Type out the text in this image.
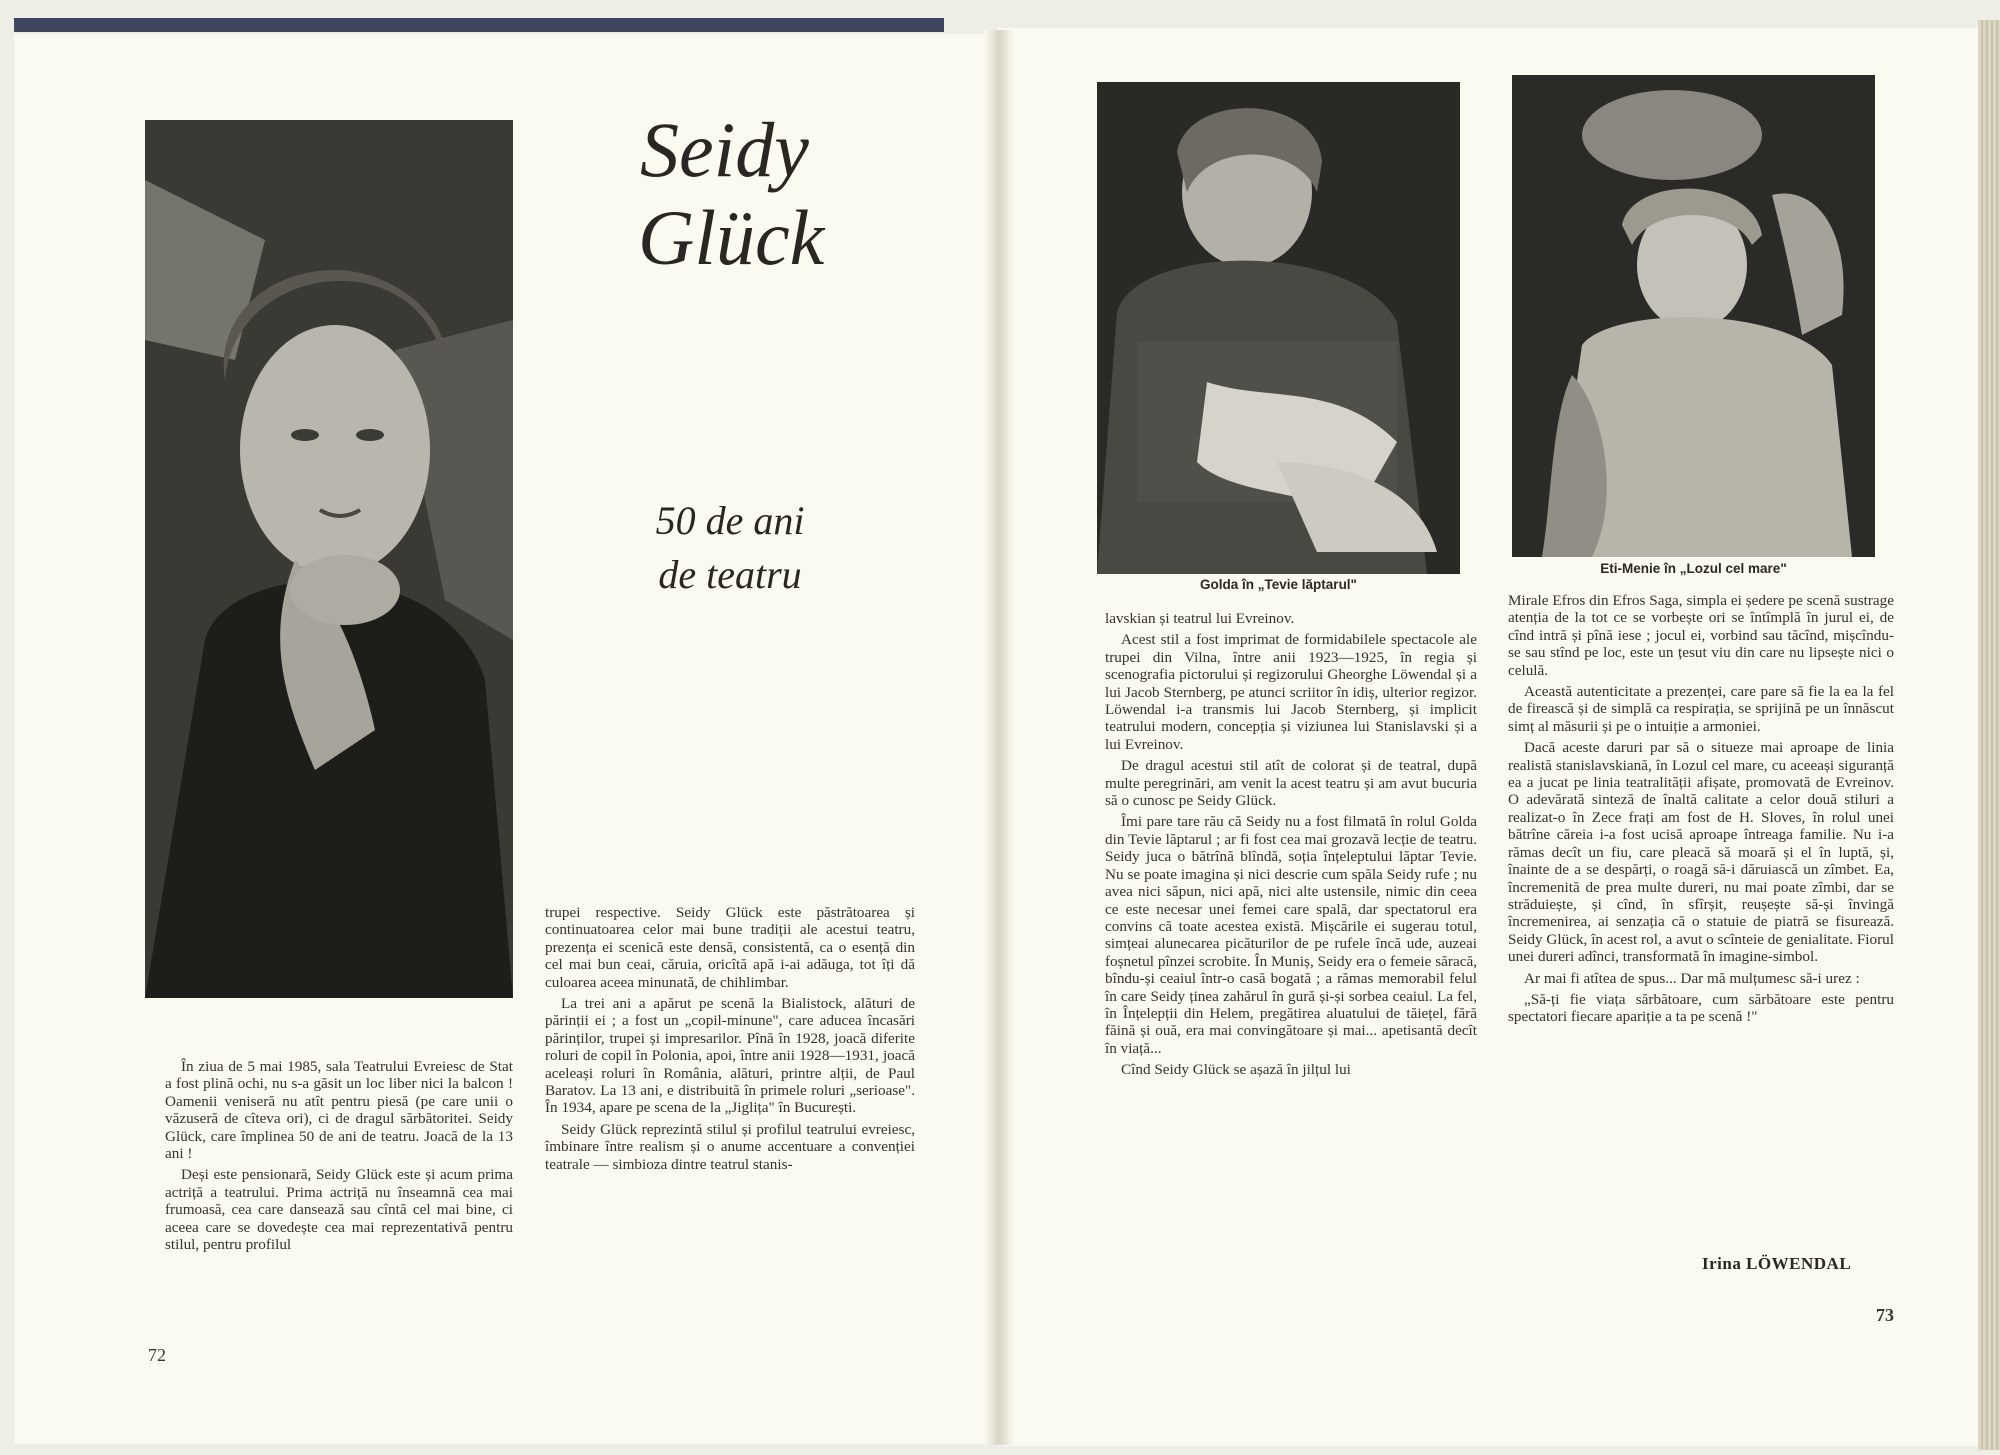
Seidy
Glück
50 de ani
de teatru

În ziua de 5 mai 1985, sala Teatrului Evreiesc de Stat a fost plină ochi, nu s-a găsit un loc liber nici la balcon ! Oamenii veniseră nu atît pentru piesă (pe care unii o văzuseră de cîteva ori), ci de dragul sărbătoritei. Seidy Glück, care împlinea 50 de ani de teatru. Joacă de la 13 ani !

Deși este pensionară, Seidy Glück este și acum prima actriță a teatrului. Prima actriță nu înseamnă cea mai frumoasă, cea care dansează sau cîntă cel mai bine, ci aceea care se dovedește cea mai reprezentativă pentru stilul, pentru profilul

trupei respective. Seidy Glück este păstrătoarea și continuatoarea celor mai bune tradiții ale acestui teatru, prezența ei scenică este densă, consistentă, ca o esență din cel mai bun ceai, căruia, oricîtă apă i-ai adăuga, tot îți dă culoarea aceea minunată, de chihlimbar.

La trei ani a apărut pe scenă la Bialistock, alături de părinții ei ; a fost un „copil-minune", care aducea încasări părinților, trupei și impresarilor. Pînă în 1928, joacă diferite roluri de copil în Polonia, apoi, între anii 1928—1931, joacă aceleași roluri în România, alături, printre alții, de Paul Baratov. La 13 ani, e distribuită în primele roluri „serioase". În 1934, apare pe scena de la „Jiglița" în București.

Seidy Glück reprezintă stilul și profilul teatrului evreiesc, îmbinare între realism și o anume accentuare a convenției teatrale — simbioza dintre teatrul stanis-

72
Golda în „Tevie lăptarul"
Eti-Menie în „Lozul cel mare"

lavskian și teatrul lui Evreinov.

Acest stil a fost imprimat de formidabilele spectacole ale trupei din Vilna, între anii 1923—1925, în regia și scenografia pictorului și regizorului Gheorghe Löwendal și a lui Jacob Sternberg, pe atunci scriitor în idiș, ulterior regizor. Löwendal i-a transmis lui Jacob Sternberg, și implicit teatrului modern, concepția și viziunea lui Stanislavski și a lui Evreinov.

De dragul acestui stil atît de colorat și de teatral, după multe peregrinări, am venit la acest teatru și am avut bucuria să o cunosc pe Seidy Glück.

Îmi pare tare rău că Seidy nu a fost filmată în rolul Golda din Tevie lăptarul ; ar fi fost cea mai grozavă lecție de teatru. Seidy juca o bătrînă blîndă, soția înțeleptului lăptar Tevie. Nu se poate imagina și nici descrie cum spăla Seidy rufe ; nu avea nici săpun, nici apă, nici alte ustensile, nimic din ceea ce este necesar unei femei care spală, dar spectatorul era convins că toate acestea există. Mișcările ei sugerau totul, simțeai alunecarea picăturilor de pe rufele încă ude, auzeai foșnetul pînzei scrobite. În Muniș, Seidy era o femeie săracă, bîndu-și ceaiul într-o casă bogată ; a rămas memorabil felul în care Seidy ținea zahărul în gură și-și sorbea ceaiul. La fel, în Înțelepții din Helem, pregătirea aluatului de tăiețel, fără făină și ouă, era mai convingătoare și mai... apetisantă decît în viață...

Cînd Seidy Glück se așază în jilțul lui

Mirale Efros din Efros Saga, simpla ei ședere pe scenă sustrage atenția de la tot ce se vorbește ori se întîmplă în jurul ei, de cînd intră și pînă iese ; jocul ei, vorbind sau tăcînd, mișcîndu-se sau stînd pe loc, este un țesut viu din care nu lipsește nici o celulă.

Această autenticitate a prezenței, care pare să fie la ea la fel de firească și de simplă ca respirația, se sprijină pe un înnăscut simț al măsurii și pe o intuiție a armoniei.

Dacă aceste daruri par să o situeze mai aproape de linia realistă stanislavskiană, în Lozul cel mare, cu aceeași siguranță ea a jucat pe linia teatralității afișate, promovată de Evreinov. O adevărată sinteză de înaltă calitate a celor două stiluri a realizat-o în Zece frați am fost de H. Sloves, în rolul unei bătrîne căreia i-a fost ucisă aproape întreaga familie. Nu i-a rămas decît un fiu, care pleacă să moară și el în luptă, și, înainte de a se despărți, o roagă să-i dăruiască un zîmbet. Ea, încremenită de prea multe dureri, nu mai poate zîmbi, dar se străduiește, și cînd, în sfîrșit, reușește să-și învingă încremenirea, ai senzația că o statuie de piatră se fisurează. Seidy Glück, în acest rol, a avut o scînteie de genialitate. Fiorul unei dureri adînci, transformată în imagine-simbol.

Ar mai fi atîtea de spus... Dar mă mulțumesc să-i urez :

„Să-ți fie viața sărbătoare, cum sărbătoare este pentru spectatori fiecare apariție a ta pe scenă !"

Irina LÖWENDAL
73
